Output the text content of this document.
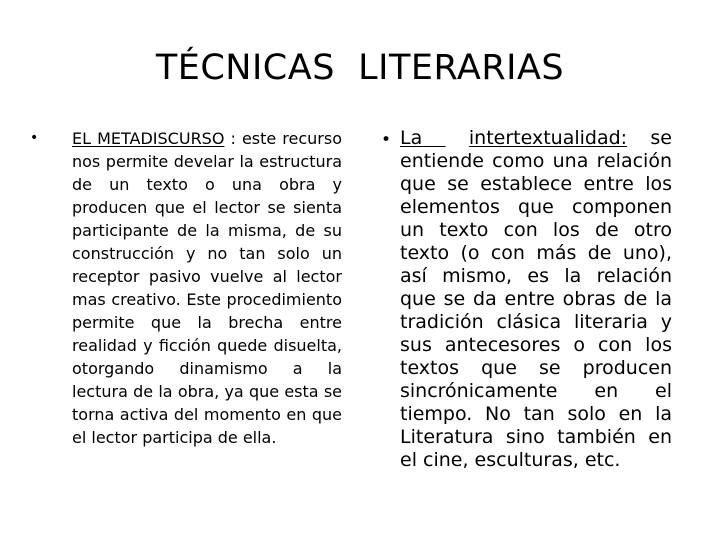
TÉCNICAS  LITERARIAS
• EL METADISCURSO : este recurso nos permite develar la estructura de un texto o una obra y producen que el lector se sienta participante de la misma, de su construcción y no tan solo un receptor pasivo vuelve al lector mas creativo. Este procedimiento permite que la brecha entre realidad y ficción quede disuelta, otorgando dinamismo a la lectura de la obra, ya que esta se torna activa del momento en que el lector participa de ella.
• La intertextualidad: se entiende como una relación que se establece entre los elementos que componen un texto con los de otro texto (o con más de uno), así mismo, es la relación que se da entre obras de la tradición clásica literaria y sus antecesores o con los textos que se producen sincrónicamente en el tiempo. No tan solo en la Literatura sino también en el cine, esculturas, etc.
